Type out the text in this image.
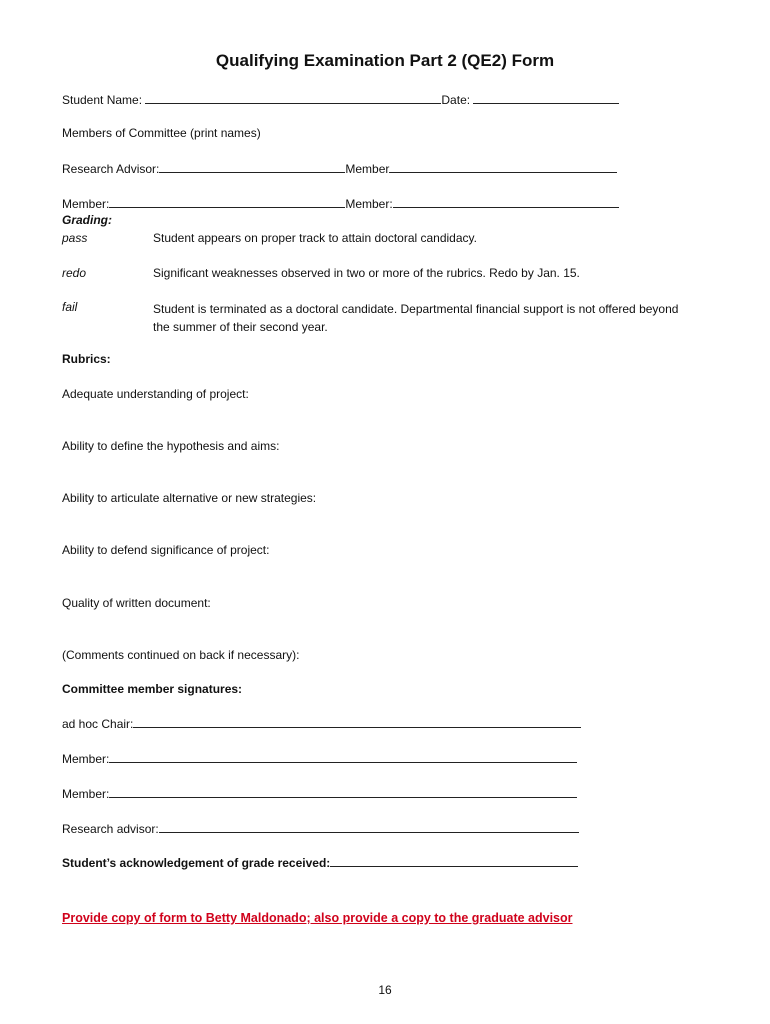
Qualifying Examination Part 2 (QE2) Form
Student Name:	Date:
Members of Committee (print names)
Research Advisor:	Member
Member:	Member:
Grading:
pass	Student appears on proper track to attain doctoral candidacy.
redo	Significant weaknesses observed in two or more of the rubrics. Redo by Jan. 15.
fail	Student is terminated as a doctoral candidate. Departmental financial support is not offered beyond the summer of their second year.
Rubrics:
Adequate understanding of project:
Ability to define the hypothesis and aims:
Ability to articulate alternative or new strategies:
Ability to defend significance of project:
Quality of written document:
(Comments continued on back if necessary):
Committee member signatures:
ad hoc Chair:
Member:
Member:
Research advisor:
Student’s acknowledgement of grade received:
Provide copy of form to Betty Maldonado; also provide a copy to the graduate advisor
16
